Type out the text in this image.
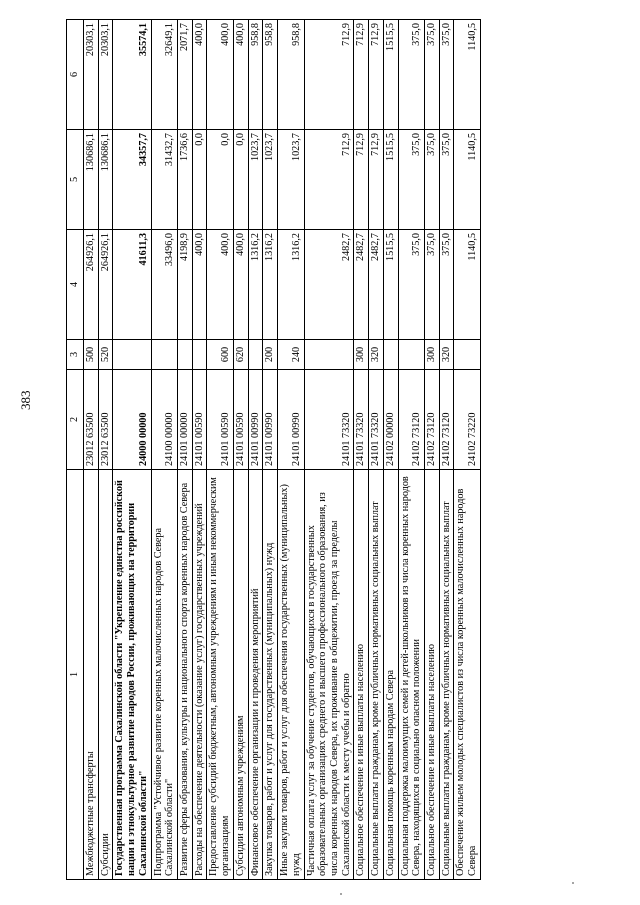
383
1	2	3	4	5	6
Межбюджетные трансферты	23012 63500	500	264926,1	130686,1	20303,1
Субсидии	23012 63500	520	264926,1	130686,1	20303,1
Государственная программа Сахалинской области "Укрепление единства российской нации и этнокультурное развитие народов России, проживающих на территории Сахалинской области"	24000 00000		41611,3	34357,7	35574,1
Подпрограмма "Устойчивое развитие коренных малочисленных народов Севера Сахалинской области"	24100 00000		33496,0	31432,7	32649,1
Развитие сферы образования, культуры и национального спорта коренных народов Севера	24101 00000		4198,9	1736,6	2071,7
Расходы на обеспечение деятельности (оказание услуг) государственных учреждений	24101 00590		400,0	0,0	400,0
Предоставление субсидий бюджетным, автономным учреждениям и иным некоммерческим организациям	24101 00590	600	400,0	0,0	400,0
Субсидии автономным учреждениям	24101 00590	620	400,0	0,0	400,0
Финансовое обеспечение организации и проведения мероприятий	24101 00990		1316,2	1023,7	958,8
Закупка товаров, работ и услуг для государственных (муниципальных) нужд	24101 00990	200	1316,2	1023,7	958,8
Иные закупки товаров, работ и услуг для обеспечения государственных (муниципальных) нужд	24101 00990	240	1316,2	1023,7	958,8
Частичная оплата услуг за обучение студентов, обучающихся в государственных образовательных организациях среднего и высшего профессионального образования, из числа коренных народов Севера, их проживание в общежитии, проезд за пределы Сахалинской области к месту учебы и обратно	24101 73320		2482,7	712,9	712,9
Социальное обеспечение и иные выплаты населению	24101 73320	300	2482,7	712,9	712,9
Социальные выплаты гражданам, кроме публичных нормативных социальных выплат	24101 73320	320	2482,7	712,9	712,9
Социальная помощь коренным народам Севера	24102 00000		1515,5	1515,5	1515,5
Социальная поддержка малоимущих семей и детей-школьников из числа коренных народов Севера, находящихся в социально опасном положении	24102 73120		375,0	375,0	375,0
Социальное обеспечение и иные выплаты населению	24102 73120	300	375,0	375,0	375,0
Социальные выплаты гражданам, кроме публичных нормативных социальных выплат	24102 73120	320	375,0	375,0	375,0
Обеспечение жильем молодых специалистов из числа коренных малочисленных народов Севера	24102 73220		1140,5	1140,5	1140,5
